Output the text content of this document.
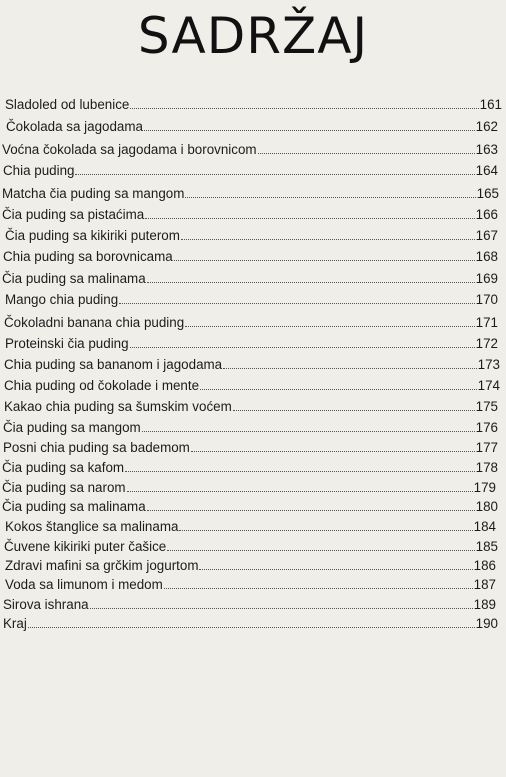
SADRŽAJ
Sladoled od lubenice	161
Čokolada sa jagodama	162
Voćna čokolada sa jagodama i borovnicom	163
Chia puding	164
Matcha čia puding sa mangom	165
Čia puding sa pistaćima	166
Čia puding sa kikiriki puterom	167
Chia puding sa borovnicama	168
Čia puding sa malinama	169
Mango chia puding	170
Čokoladni banana chia puding	171
Proteinski čia puding	172
Chia puding sa bananom i jagodama	173
Chia puding od čokolade i mente	174
Kakao chia puding sa šumskim voćem	175
Čia puding sa mangom	176
Posni chia puding sa bademom	177
Čia puding sa kafom	178
Čia puding sa narom	179
Čia puding sa malinama	180
Kokos štanglice sa malinama	184
Čuvene kikiriki puter čašice	185
Zdravi mafini sa grčkim jogurtom	186
Voda sa limunom i medom	187
Sirova ishrana	189
Kraj	190
